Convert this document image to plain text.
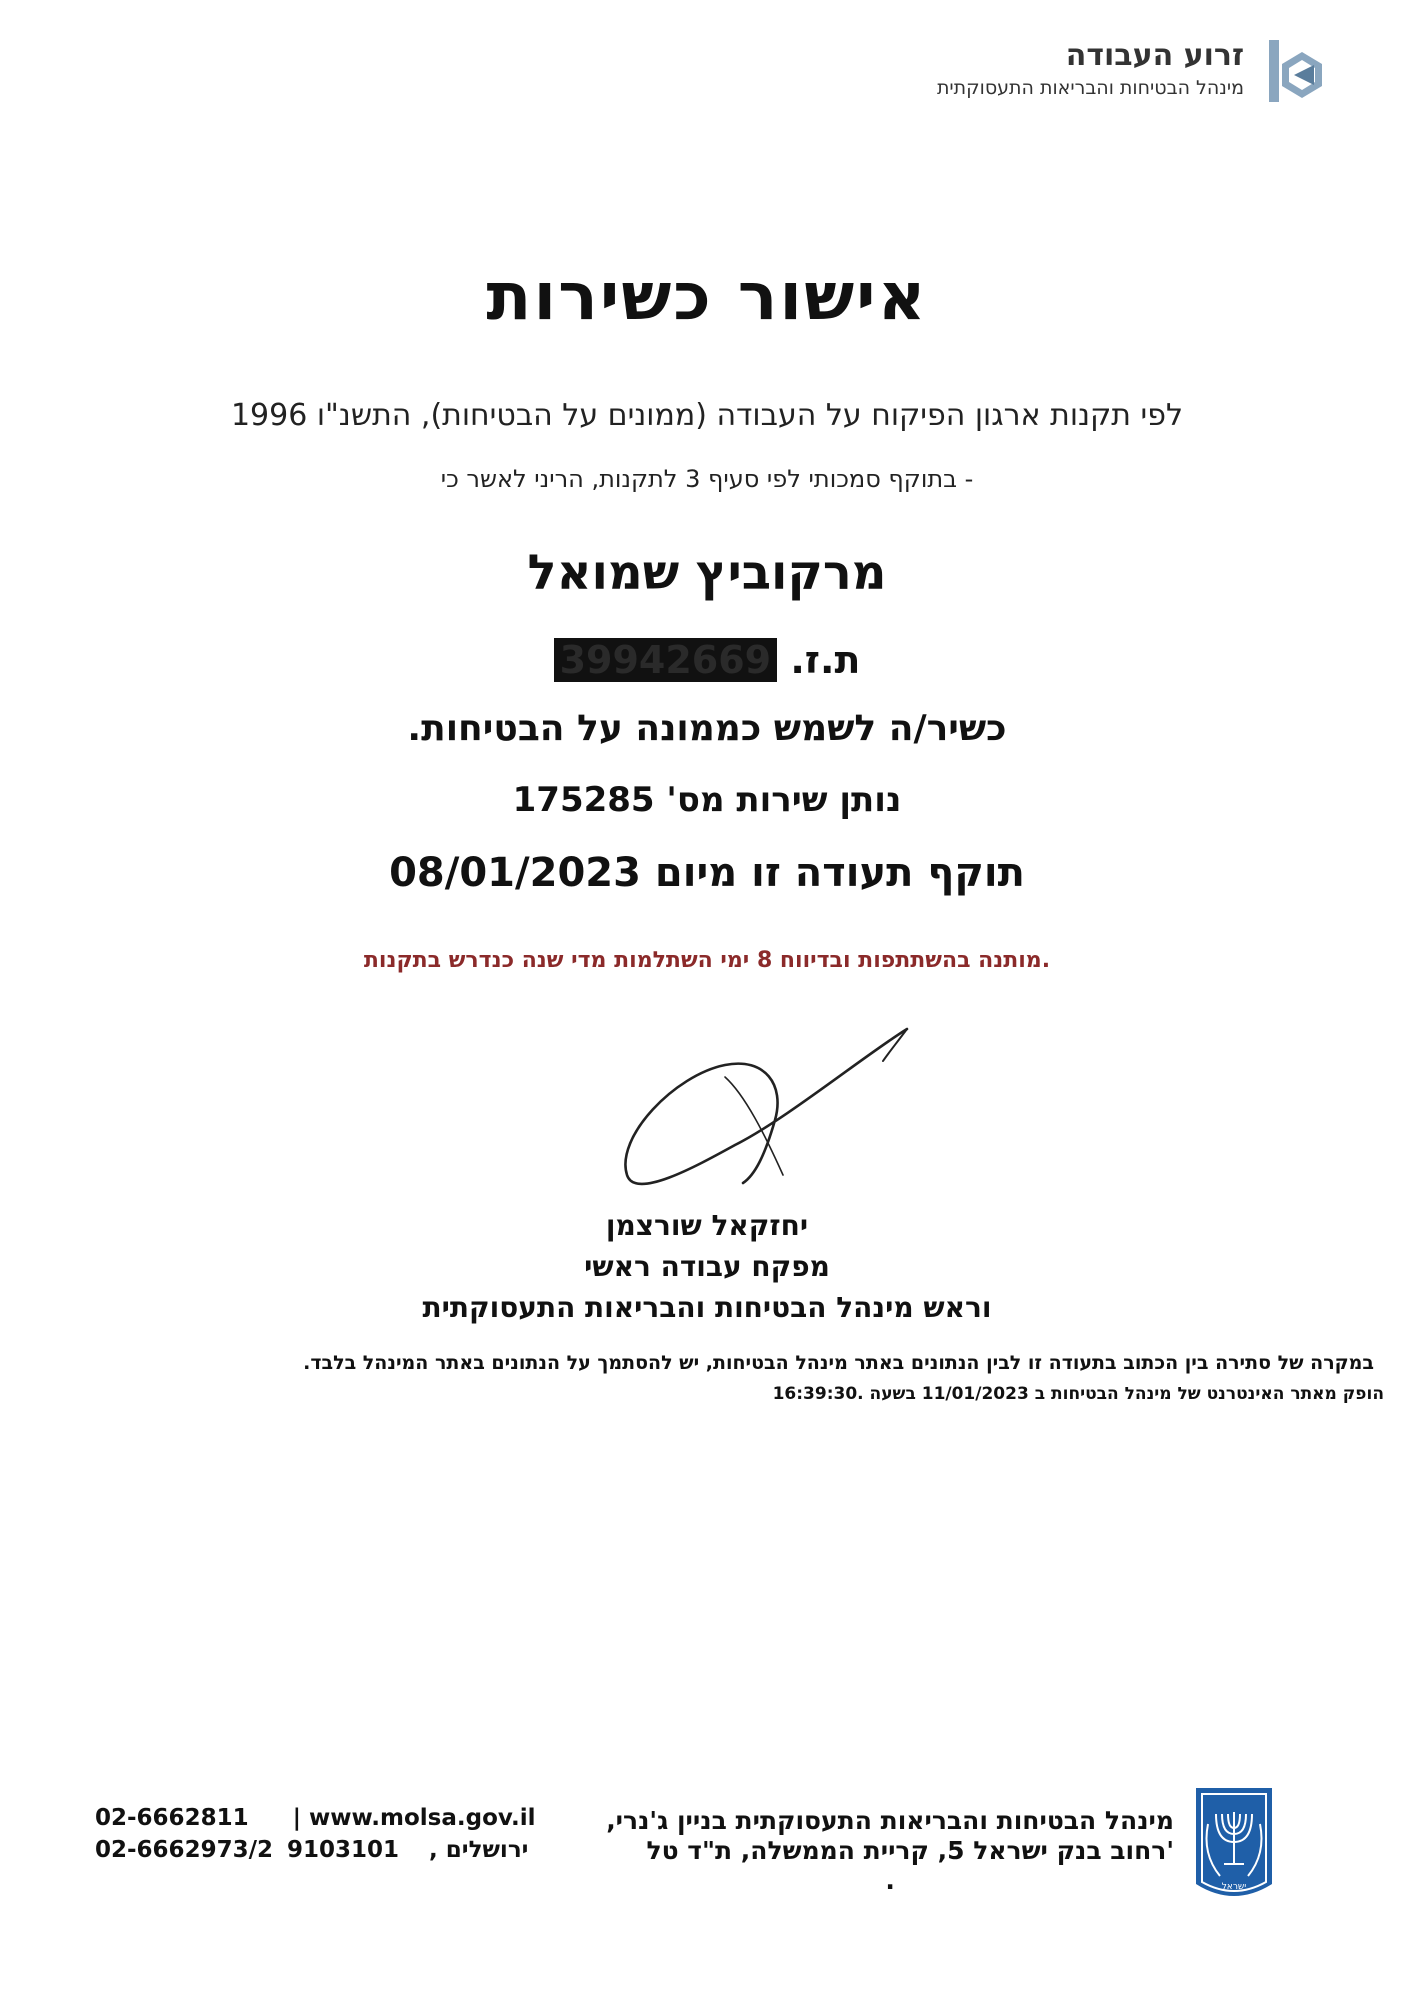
זרוע העבודה
מינהל הבטיחות והבריאות התעסוקתית
אישור כשירות
לפי תקנות ארגון הפיקוח על העבודה (ממונים על הבטיחות), התשנ"ו 1996
- בתוקף סמכותי לפי סעיף 3 לתקנות, הריני לאשר כי
מרקוביץ שמואל
ת.ז. 39942669
כשיר/ה לשמש כממונה על הבטיחות.
נותן שירות מס' 175285
תוקף תעודה זו מיום 08/01/2023
.מותנה בהשתתפות ובדיווח 8 ימי השתלמות מדי שנה כנדרש בתקנות
יחזקאל שורצמן
מפקח עבודה ראשי
וראש מינהל הבטיחות והבריאות התעסוקתית
במקרה של סתירה בין הכתוב בתעודה זו לבין הנתונים באתר מינהל הבטיחות, יש להסתמך על הנתונים באתר המינהל בלבד.
הופק מאתר האינטרנט של מינהל הבטיחות ב 11/01/2023 בשעה 16:39:30.
ישראל
מינהל הבטיחות והבריאות התעסוקתית בניין ג'נרי,
'רחוב בנק ישראל 5, קריית הממשלה, ת"ד טל
.
02-6662811 | www.molsa.gov.il
02-6662973/2 9103101 ירושלים ,
